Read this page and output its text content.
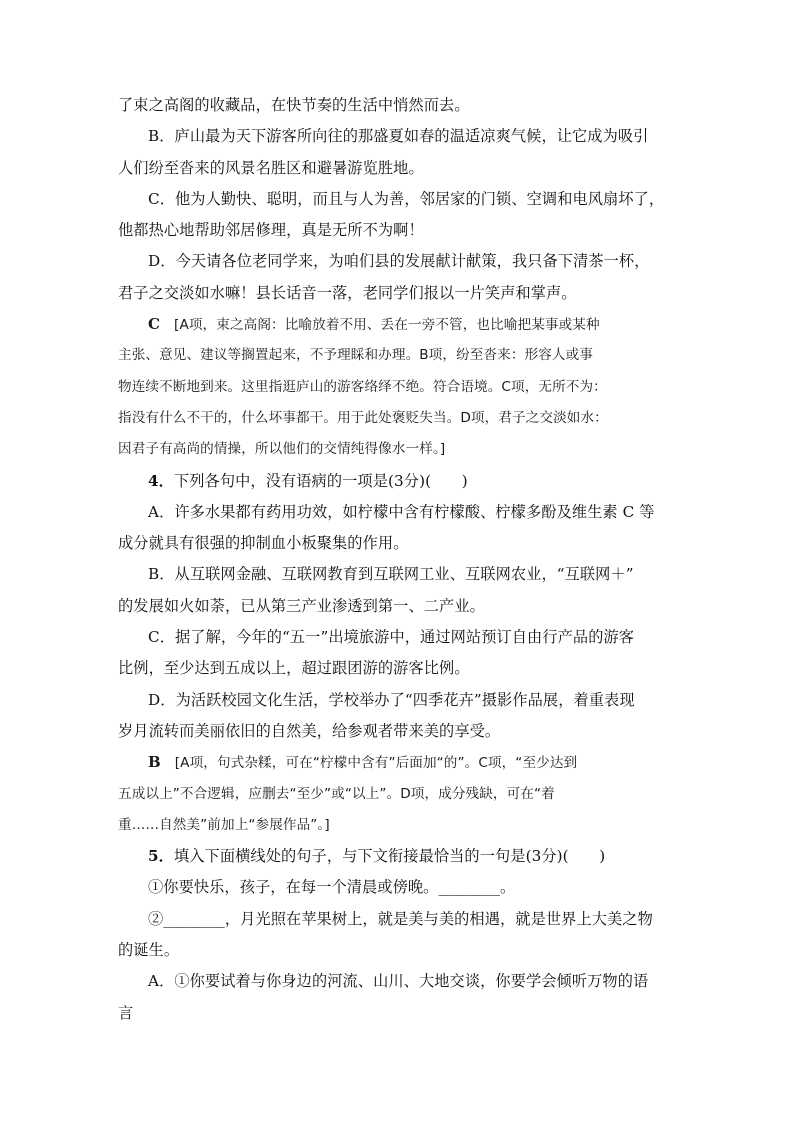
了束之高阁的收藏品，在快节奏的生活中悄然而去。
B．庐山最为天下游客所向往的那盛夏如春的温适凉爽气候，让它成为吸引
人们纷至沓来的风景名胜区和避暑游览胜地。
C．他为人勤快、聪明，而且与人为善，邻居家的门锁、空调和电风扇坏了，
他都热心地帮助邻居修理，真是无所不为啊！
D．今天请各位老同学来，为咱们县的发展献计献策，我只备下清茶一杯，
君子之交淡如水嘛！县长话音一落，老同学们报以一片笑声和掌声。
C [A项，束之高阁：比喻放着不用、丢在一旁不管，也比喻把某事或某种
主张、意见、建议等搁置起来，不予理睬和办理。B项，纷至沓来：形容人或事
物连续不断地到来。这里指逛庐山的游客络绎不绝。符合语境。C项，无所不为：
指没有什么不干的，什么坏事都干。用于此处褒贬失当。D项，君子之交淡如水：
因君子有高尚的情操，所以他们的交情纯得像水一样。]
4．下列各句中，没有语病的一项是(3分)(　　)
A．许多水果都有药用功效，如柠檬中含有柠檬酸、柠檬多酚及维生素 C 等
成分就具有很强的抑制血小板聚集的作用。
B．从互联网金融、互联网教育到互联网工业、互联网农业，“互联网＋”
的发展如火如荼，已从第三产业渗透到第一、二产业。
C．据了解，今年的“五一”出境旅游中，通过网站预订自由行产品的游客
比例，至少达到五成以上，超过跟团游的游客比例。
D．为活跃校园文化生活，学校举办了“四季花卉”摄影作品展，着重表现
岁月流转而美丽依旧的自然美，给参观者带来美的享受。
B [A项，句式杂糅，可在“柠檬中含有”后面加“的”。C项，“至少达到
五成以上”不合逻辑，应删去“至少”或“以上”。D项，成分残缺，可在“着
重……自然美”前加上“参展作品”。]
5．填入下面横线处的句子，与下文衔接最恰当的一句是(3分)(　　)
①你要快乐，孩子，在每一个清晨或傍晚。________。
②________，月光照在苹果树上，就是美与美的相遇，就是世界上大美之物
的诞生。
A．①你要试着与你身边的河流、山川、大地交谈，你要学会倾听万物的语
言
